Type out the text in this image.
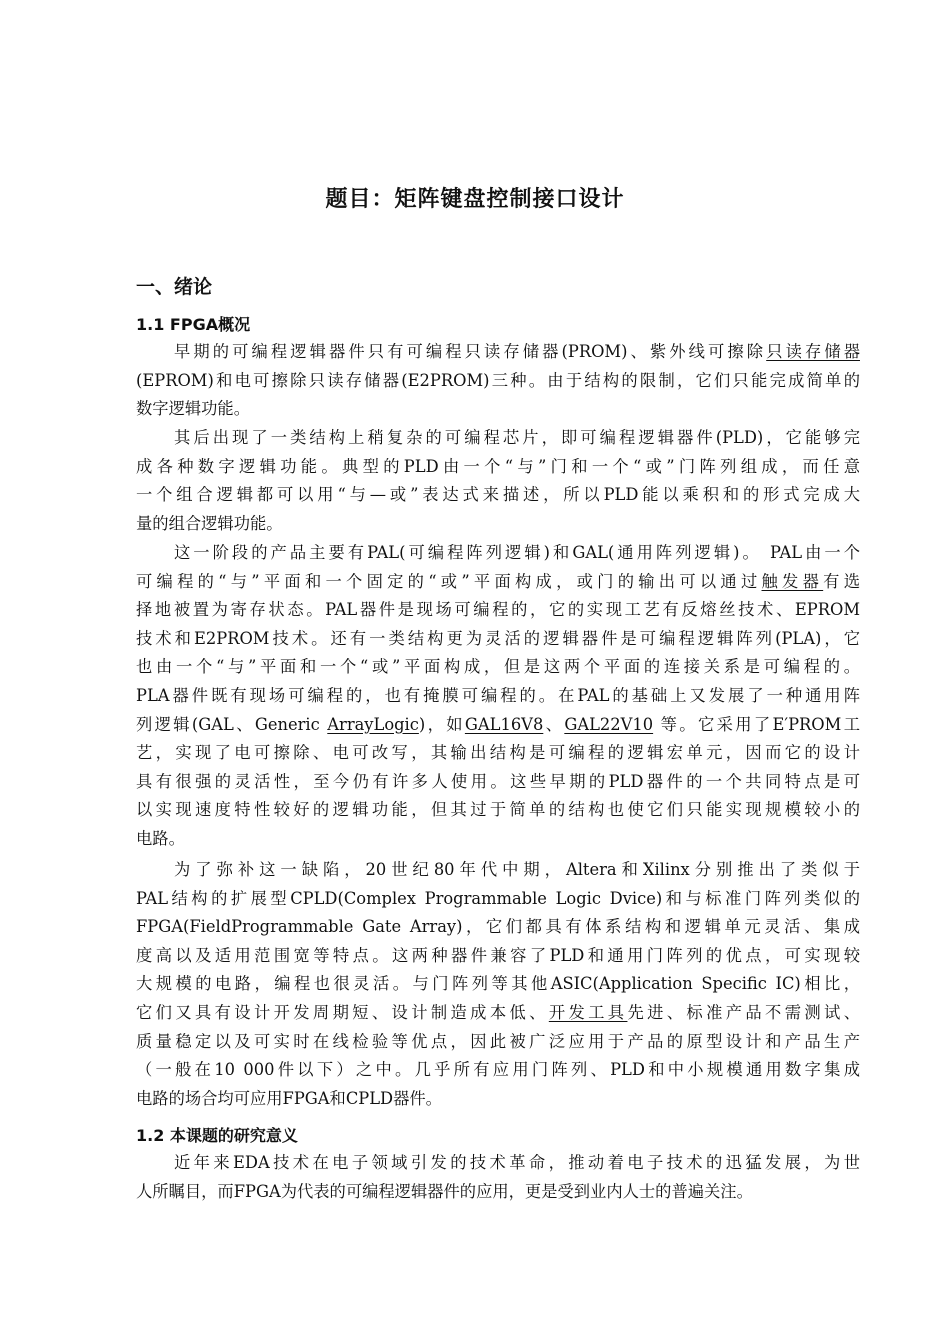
题目：矩阵键盘控制接口设计
一、绪论
1.1 FPGA概况
早期的可编程逻辑器件只有可编程只读存储器(PROM)、紫外线可擦除只读存储器
(EPROM)和电可擦除只读存储器(E2PROM)三种。由于结构的限制，它们只能完成简单的
数字逻辑功能。
其后出现了一类结构上稍复杂的可编程芯片，即可编程逻辑器件(PLD)，它能够完
成各种数字逻辑功能。典型的PLD由一个“与”门和一个“或”门阵列组成，而任意
一个组合逻辑都可以用“与—或”表达式来描述，所以PLD能以乘积和的形式完成大
量的组合逻辑功能。
这一阶段的产品主要有PAL(可编程阵列逻辑)和GAL(通用阵列逻辑)。 PAL由一个
可编程的“与”平面和一个固定的“或”平面构成，或门的输出可以通过触发器有选
择地被置为寄存状态。PAL器件是现场可编程的，它的实现工艺有反熔丝技术、EPROM
技术和E2PROM技术。还有一类结构更为灵活的逻辑器件是可编程逻辑阵列(PLA)，它
也由一个“与”平面和一个“或”平面构成，但是这两个平面的连接关系是可编程的。
PLA器件既有现场可编程的，也有掩膜可编程的。在PAL的基础上又发展了一种通用阵
列逻辑(GAL、Generic ArrayLogic)，如GAL16V8、GAL22V10 等。它采用了E′PROM工
艺，实现了电可擦除、电可改写，其输出结构是可编程的逻辑宏单元，因而它的设计
具有很强的灵活性，至今仍有许多人使用。这些早期的PLD器件的一个共同特点是可
以实现速度特性较好的逻辑功能，但其过于简单的结构也使它们只能实现规模较小的
电路。
为了弥补这一缺陷，20世纪80年代中期，Altera和Xilinx分别推出了类似于
PAL结构的扩展型CPLD(Complex Programmable Logic Dvice)和与标准门阵列类似的
FPGA(FieldProgrammable Gate Array)，它们都具有体系结构和逻辑单元灵活、集成
度高以及适用范围宽等特点。这两种器件兼容了PLD和通用门阵列的优点，可实现较
大规模的电路，编程也很灵活。与门阵列等其他ASIC(Application Specific IC)相比，
它们又具有设计开发周期短、设计制造成本低、开发工具先进、标准产品不需测试、
质量稳定以及可实时在线检验等优点，因此被广泛应用于产品的原型设计和产品生产
（一般在10 000件以下）之中。几乎所有应用门阵列、PLD和中小规模通用数字集成
电路的场合均可应用FPGA和CPLD器件。
1.2 本课题的研究意义
近年来EDA技术在电子领域引发的技术革命，推动着电子技术的迅猛发展，为世
人所瞩目，而FPGA为代表的可编程逻辑器件的应用，更是受到业内人士的普遍关注。
